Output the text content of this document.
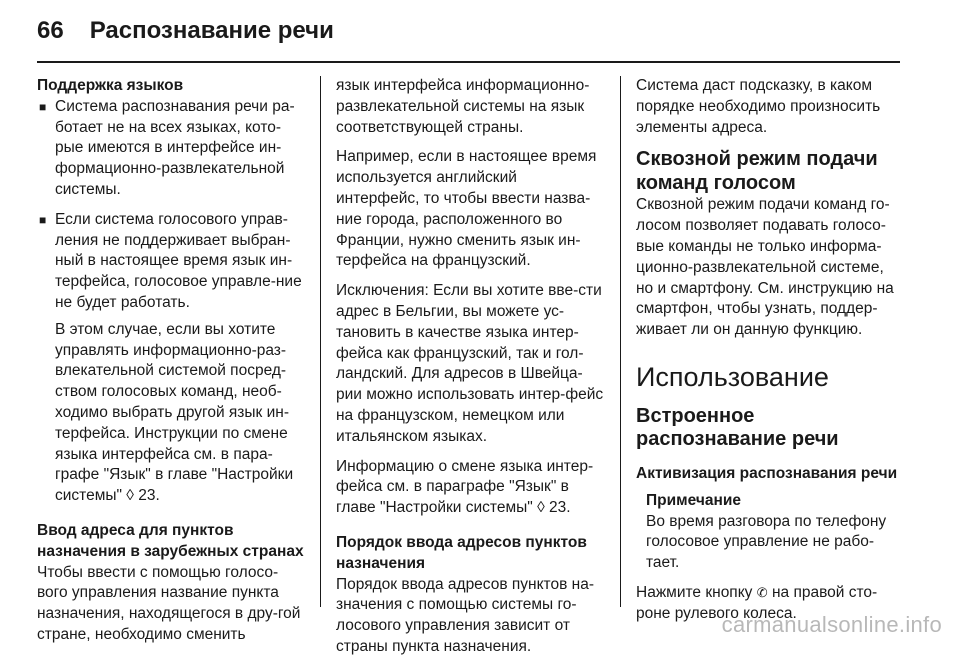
66 Распознавание речи
Поддержка языков
■ Система распознавания речи ра-ботает не на всех языках, кото-рые имеются в интерфейсе ин-формационно-развлекательной системы.
■ Если система голосового управ-ления не поддерживает выбран-ный в настоящее время язык ин-терфейса, голосовое управле-ние не будет работать.

В этом случае, если вы хотите управлять информационно-раз-влекательной системой посред-ством голосовых команд, необ-ходимо выбрать другой язык ин-терфейса. Инструкции по смене языка интерфейса см. в пара-графе "Язык" в главе "Настройки системы" ◊ 23.

Ввод адреса для пунктов назначения в зарубежных странах

Чтобы ввести с помощью голосо-вого управления название пункта назначения, находящегося в дру-гой стране, необходимо сменить

язык интерфейса информационно-развлекательной системы на язык соответствующей страны.

Например, если в настоящее время используется английский интерфейс, то чтобы ввести назва-ние города, расположенного во Франции, нужно сменить язык ин-терфейса на французский.

Исключения: Если вы хотите вве-сти адрес в Бельгии, вы можете ус-тановить в качестве языка интер-фейса как французский, так и гол-ландский. Для адресов в Швейца-рии можно использовать интер-фейс на французском, немецком или итальянском языках.

Информацию о смене языка интер-фейса см. в параграфе "Язык" в главе "Настройки системы" ◊ 23.

Порядок ввода адресов пунктов назначения

Порядок ввода адресов пунктов на-значения с помощью системы го-лосового управления зависит от страны пункта назначения.

Система даст подсказку, в каком порядке необходимо произносить элементы адреса.

Сквозной режим подачи команд голосом

Сквозной режим подачи команд го-лосом позволяет подавать голосо-вые команды не только информа-ционно-развлекательной системе, но и смартфону. См. инструкцию на смартфон, чтобы узнать, поддер-живает ли он данную функцию.

Использование
Встроенное распознавание речи
Активизация распознавания речи
Примечание

Во время разговора по телефону голосовое управление не рабо-тает.

Нажмите кнопку ✆ на правой сто-роне рулевого колеса.

carmanualsonline.info
